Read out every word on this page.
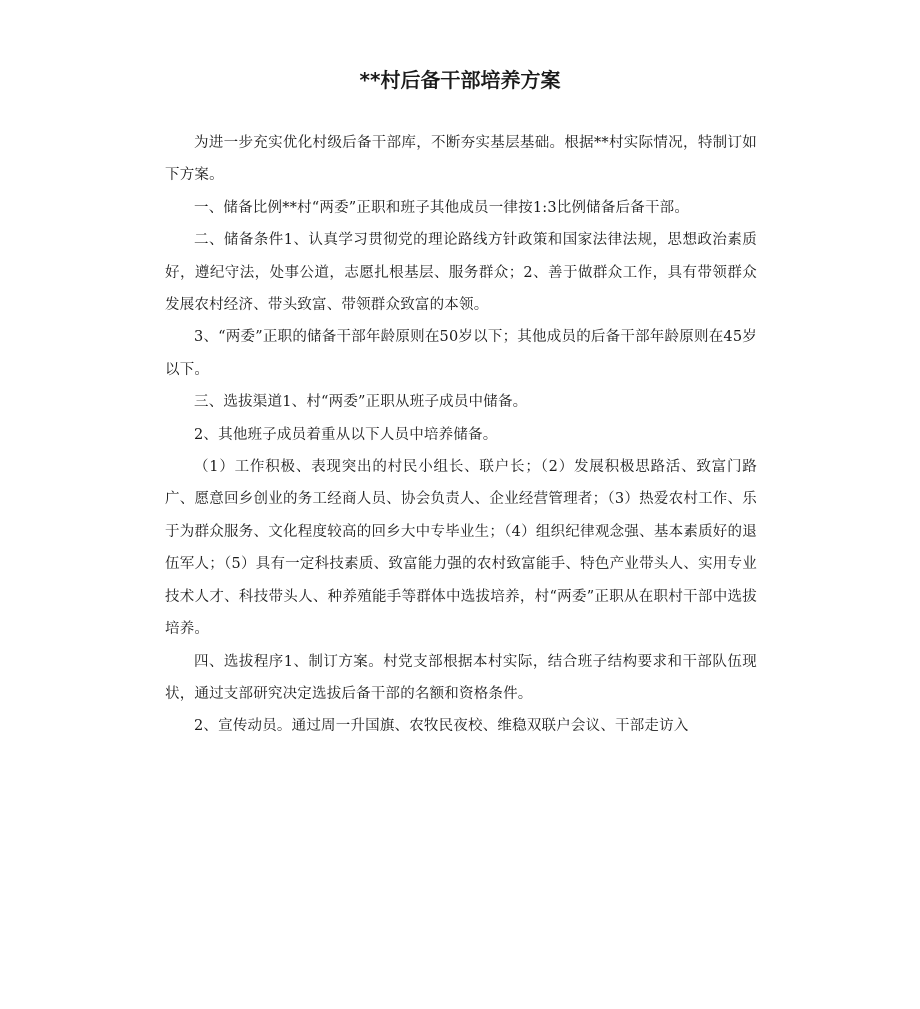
**村后备干部培养方案

为进一步充实优化村级后备干部库，不断夯实基层基础。根据**村实际情况，特制订如下方案。

一、储备比例**村“两委”正职和班子其他成员一律按1:3比例储备后备干部。

二、储备条件1、认真学习贯彻党的理论路线方针政策和国家法律法规，思想政治素质好，遵纪守法，处事公道，志愿扎根基层、服务群众；2、善于做群众工作，具有带领群众发展农村经济、带头致富、带领群众致富的本领。

3、“两委”正职的储备干部年龄原则在50岁以下；其他成员的后备干部年龄原则在45岁以下。

三、选拔渠道1、村“两委”正职从班子成员中储备。

2、其他班子成员着重从以下人员中培养储备。

（1）工作积极、表现突出的村民小组长、联户长；（2）发展积极思路活、致富门路广、愿意回乡创业的务工经商人员、协会负责人、企业经营管理者；（3）热爱农村工作、乐于为群众服务、文化程度较高的回乡大中专毕业生；（4）组织纪律观念强、基本素质好的退伍军人；（5）具有一定科技素质、致富能力强的农村致富能手、特色产业带头人、实用专业技术人才、科技带头人、种养殖能手等群体中选拔培养，村“两委”正职从在职村干部中选拔培养。

四、选拔程序1、制订方案。村党支部根据本村实际，结合班子结构要求和干部队伍现状，通过支部研究决定选拔后备干部的名额和资格条件。

2、宣传动员。通过周一升国旗、农牧民夜校、维稳双联户会议、干部走访入
